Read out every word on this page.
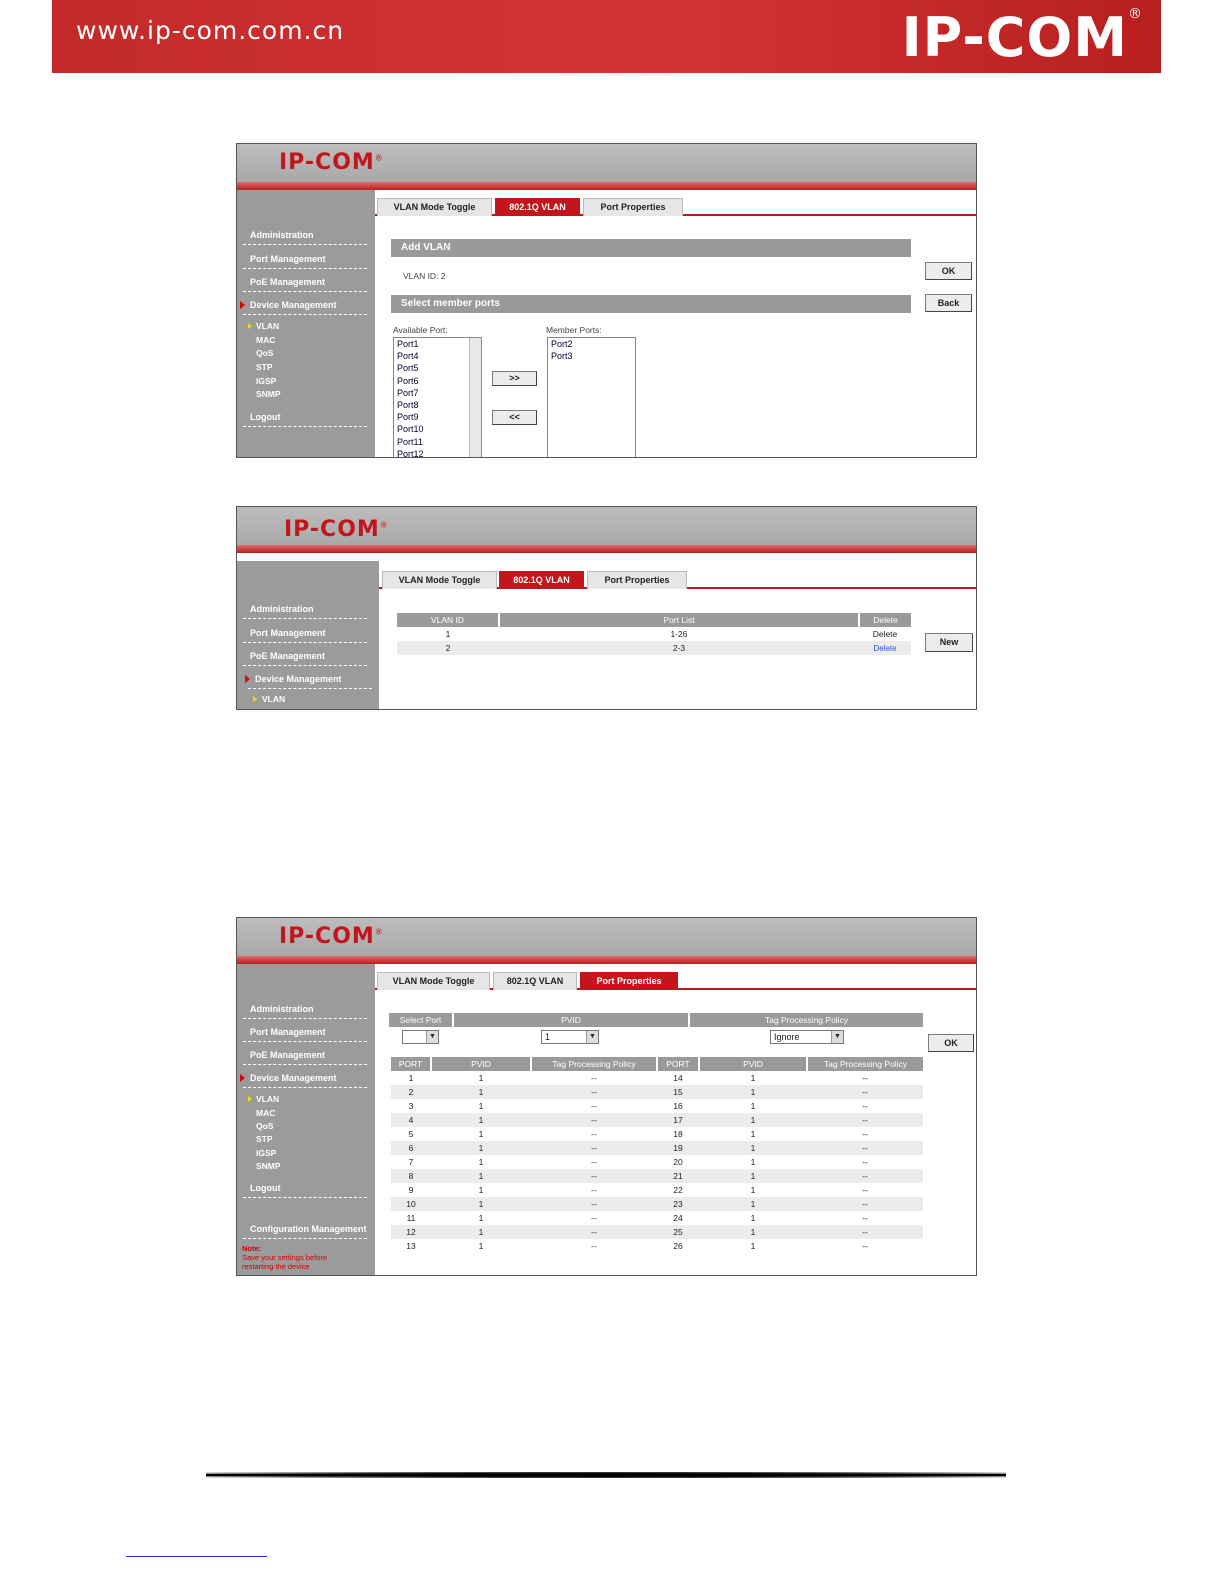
www.ip-com.com.cn	IP-COM®
IP-COM®
Administration
Port Management
PoE Management
Device Management
VLAN
MAC
QoS
STP
IGSP
SNMP
Logout
VLAN Mode Toggle	802.1Q VLAN	Port Properties
Add VLAN
VLAN ID: 2
Select member ports
OK
Back
Available Port:	Member Ports:
Port1
Port4
Port5
Port6
Port7
Port8
Port9
Port10
Port11
Port12
>>
<<
Port2
Port3
IP-COM®
Administration
Port Management
PoE Management
Device Management
VLAN
VLAN Mode Toggle	802.1Q VLAN	Port Properties
VLAN ID	Port List	Delete
1	1-26	Delete
2	2-3	Delete
New
IP-COM®
Administration
Port Management
PoE Management
Device Management
VLAN
MAC
QoS
STP
IGSP
SNMP
Logout
Configuration Management
Note:
Save your settings before restarting the device
VLAN Mode Toggle	802.1Q VLAN	Port Properties
Select Port	PVID	Tag Processing Policy
▼	1	▼	Ignore	▼
OK
PORT	PVID	Tag Processing Policy	PORT	PVID	Tag Processing Policy
1	1	--	14	1	--
2	1	--	15	1	--
3	1	--	16	1	--
4	1	--	17	1	--
5	1	--	18	1	--
6	1	--	19	1	--
7	1	--	20	1	--
8	1	--	21	1	--
9	1	--	22	1	--
10	1	--	23	1	--
11	1	--	24	1	--
12	1	--	25	1	--
13	1	--	26	1	--
